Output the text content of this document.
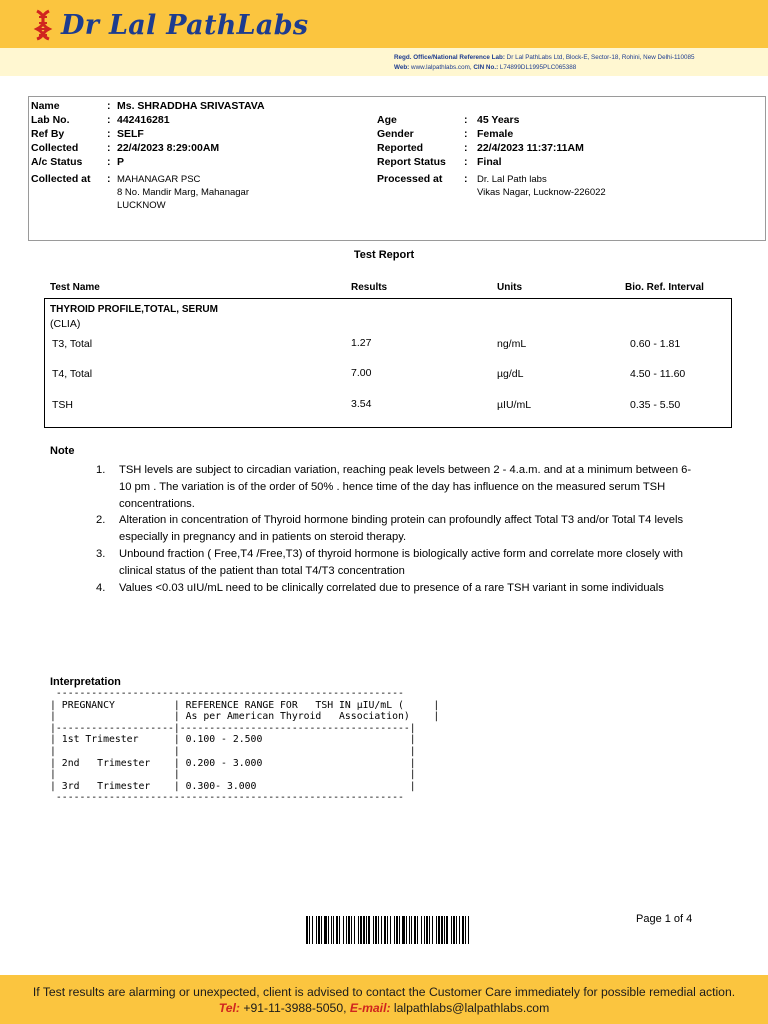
Dr Lal PathLabs
Regd. Office/National Reference Lab: Dr Lal PathLabs Ltd, Block-E, Sector-18, Rohini, New Delhi-110085
Web: www.lalpathlabs.com, CIN No.: L74899DL1995PLC065388
Name	: Ms. SHRADDHA SRIVASTAVA
Lab No.	: 442416281
Ref By	: SELF
Collected	: 22/4/2023 8:29:00AM
A/c Status : P
Collected at : MAHANAGAR PSC
8 No. Mandir Marg, Mahanagar
LUCKNOW
Age	: 45 Years
Gender	: Female
Reported	: 22/4/2023 11:37:11AM
Report Status : Final
Processed at : Dr. Lal Path labs
Vikas Nagar, Lucknow-226022
Test Report
Test Name	Results	Units	Bio. Ref. Interval
THYROID PROFILE,TOTAL, SERUM
(CLIA)
T3, Total	1.27	ng/mL	0.60 - 1.81
T4, Total	7.00	µg/dL	4.50 - 11.60
TSH	3.54	µIU/mL	0.35 - 5.50
Note
1.	TSH levels are subject to circadian variation, reaching peak levels between 2 - 4.a.m. and at a minimum between 6-10 pm . The variation is of the order of 50% . hence time of the day has influence on the measured serum TSH concentrations.
2.	Alteration in concentration of Thyroid hormone binding protein can profoundly affect Total T3 and/or Total T4 levels especially in pregnancy and in patients on steroid therapy.
3.	Unbound fraction ( Free,T4 /Free,T3) of thyroid hormone is biologically active form and correlate more closely with clinical status of the patient than total T4/T3 concentration
4.	Values <0.03 uIU/mL need to be clinically correlated due to presence of a rare TSH variant in some individuals
Interpretation
-----------------------------------------------------------
| PREGNANCY          | REFERENCE RANGE FOR   TSH IN µIU/mL (     |
|                    | As per American Thyroid   Association)    |
|--------------------|---------------------------------------|
| 1st Trimester      | 0.100 - 2.500                         |
|                    |                                       |
| 2nd   Trimester    | 0.200 - 3.000                         |
|                    |                                       |
| 3rd   Trimester    | 0.300- 3.000                          |
-----------------------------------------------------------
Page 1 of 4
If Test results are alarming or unexpected, client is advised to contact the Customer Care immediately for possible remedial action.
Tel: +91-11-3988-5050, E-mail: lalpathlabs@lalpathlabs.com
